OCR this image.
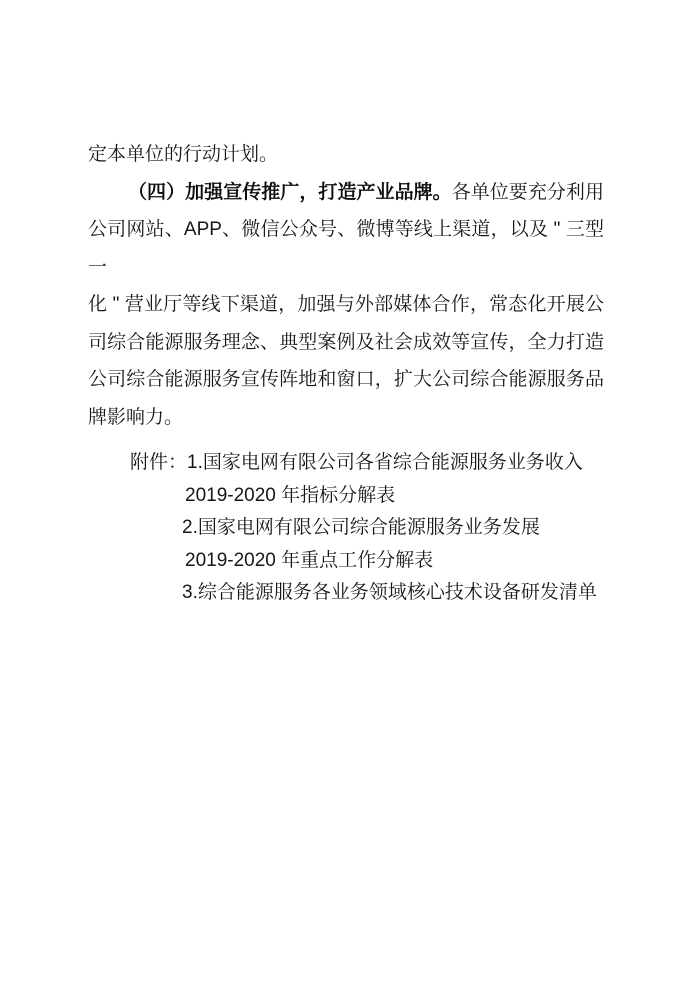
定本单位的行动计划。
（四）加强宣传推广，打造产业品牌。各单位要充分利用
公司网站、APP、微信公众号、微博等线上渠道，以及 " 三型一
化 " 营业厅等线下渠道，加强与外部媒体合作，常态化开展公
司综合能源服务理念、典型案例及社会成效等宣传，全力打造
公司综合能源服务宣传阵地和窗口，扩大公司综合能源服务品
牌影响力。
附件：1.国家电网有限公司各省综合能源服务业务收入
2019-2020 年指标分解表
2.国家电网有限公司综合能源服务业务发展
2019-2020 年重点工作分解表
3.综合能源服务各业务领域核心技术设备研发清单
